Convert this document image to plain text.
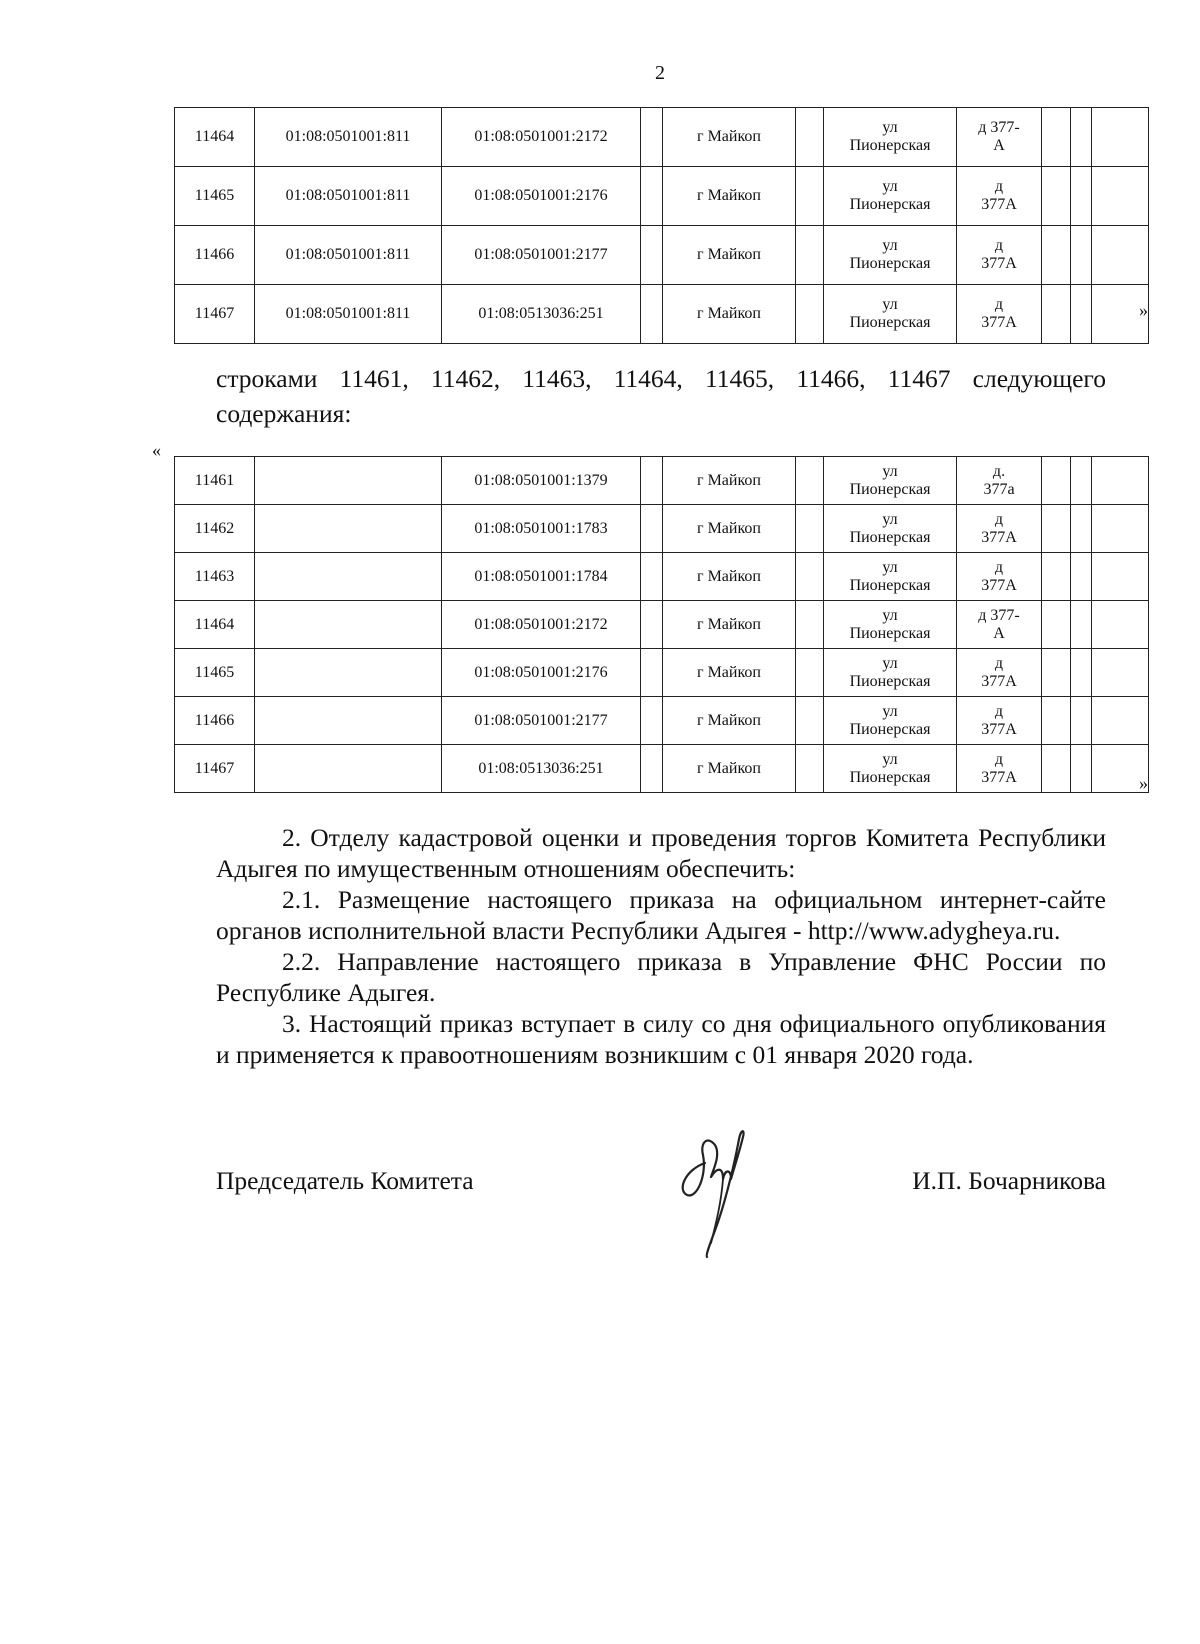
2
11464	01:08:0501001:811	01:08:0501001:2172		г Майкоп		ул
Пионерская	д 377-
А			

11465	01:08:0501001:811	01:08:0501001:2176		г Майкоп		ул
Пионерская	д
377А			

11466	01:08:0501001:811	01:08:0501001:2177		г Майкоп		ул
Пионерская	д
377А			

11467	01:08:0501001:811	01:08:0513036:251		г Майкоп		ул
Пионерская	д
377А			

»
строками 11461, 11462, 11463, 11464, 11465, 11466, 11467 следующего содержания:
«
11461		01:08:0501001:1379		г Майкоп		ул
Пионерская	д.
377а			

11462		01:08:0501001:1783		г Майкоп		ул
Пионерская	д
377А			

11463		01:08:0501001:1784		г Майкоп		ул
Пионерская	д
377А			

11464		01:08:0501001:2172		г Майкоп		ул
Пионерская	д 377-
А			

11465		01:08:0501001:2176		г Майкоп		ул
Пионерская	д
377А			

11466		01:08:0501001:2177		г Майкоп		ул
Пионерская	д
377А			

11467		01:08:0513036:251		г Майкоп		ул
Пионерская	д
377А			
				»

2. Отделу кадастровой оценки и проведения торгов Комитета Республики Адыгея по имущественным отношениям обеспечить:

2.1. Размещение настоящего приказа на официальном интернет-сайте органов исполнительной власти Республики Адыгея - http://www.adygheya.ru.

2.2. Направление настоящего приказа в Управление ФНС России по Республике Адыгея.

3. Настоящий приказ вступает в силу со дня официального опубликования и применяется к правоотношениям возникшим с 01 января 2020 года.

Председатель Комитета	И.П. Бочарникова
